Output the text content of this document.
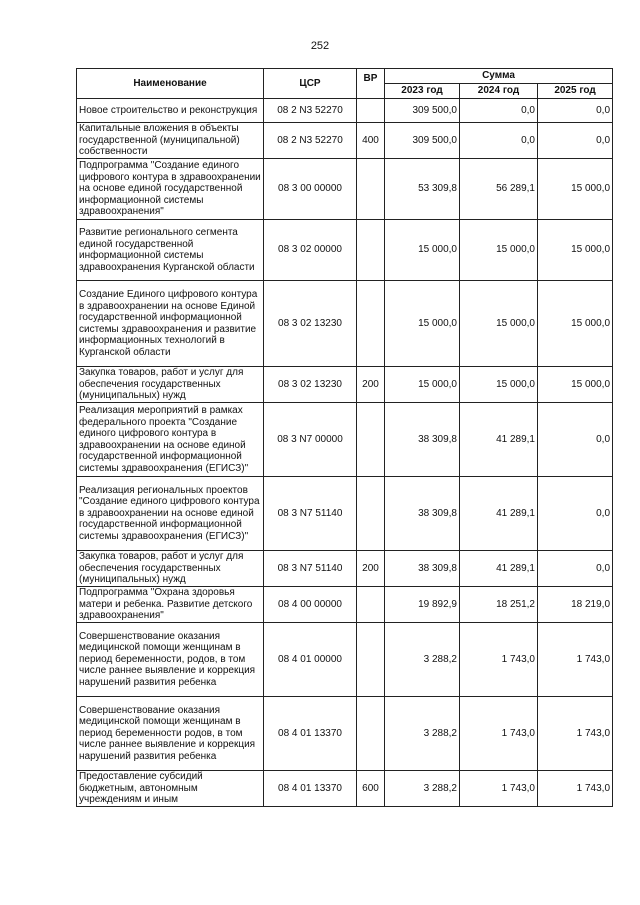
252
Наименование	ЦСР	ВР	Сумма		
			2023 год	2024 год	2025 год
Новое строительство и реконструкция	08 2 N3 52270		309 500,0	0,0	0,0
Капитальные вложения в объекты государственной (муниципальной) собственности	08 2 N3 52270	400	309 500,0	0,0	0,0
Подпрограмма "Создание единого цифрового контура в здравоохранении на основе единой государственной информационной системы здравоохранения"	08 3 00 00000		53 309,8	56 289,1	15 000,0
Развитие регионального сегмента единой государственной информационной системы здравоохранения Курганской области	08 3 02 00000		15 000,0	15 000,0	15 000,0
Создание Единого цифрового контура в здравоохранении на основе Единой государственной информационной системы здравоохранения и развитие информационных технологий в Курганской области	08 3 02 13230		15 000,0	15 000,0	15 000,0
Закупка товаров, работ и услуг для обеспечения государственных (муниципальных) нужд	08 3 02 13230	200	15 000,0	15 000,0	15 000,0
Реализация мероприятий в рамках федерального проекта "Создание единого цифрового контура в здравоохранении на основе единой государственной информационной системы здравоохранения (ЕГИСЗ)"	08 3 N7 00000		38 309,8	41 289,1	0,0
Реализация региональных проектов "Создание единого цифрового контура в здравоохранении на основе единой государственной информационной системы здравоохранения (ЕГИСЗ)"	08 3 N7 51140		38 309,8	41 289,1	0,0
Закупка товаров, работ и услуг для обеспечения государственных (муниципальных) нужд	08 3 N7 51140	200	38 309,8	41 289,1	0,0
Подпрограмма "Охрана здоровья матери и ребенка. Развитие детского здравоохранения"	08 4 00 00000		19 892,9	18 251,2	18 219,0
Совершенствование оказания медицинской помощи женщинам в период беременности, родов, в том числе раннее выявление и коррекция нарушений развития ребенка	08 4 01 00000		3 288,2	1 743,0	1 743,0
Совершенствование оказания медицинской помощи женщинам в период беременности родов, в том числе раннее выявление и коррекция нарушений развития ребенка	08 4 01 13370		3 288,2	1 743,0	1 743,0
Предоставление субсидий бюджетным, автономным учреждениям и иным	08 4 01 13370	600	3 288,2	1 743,0	1 743,0
